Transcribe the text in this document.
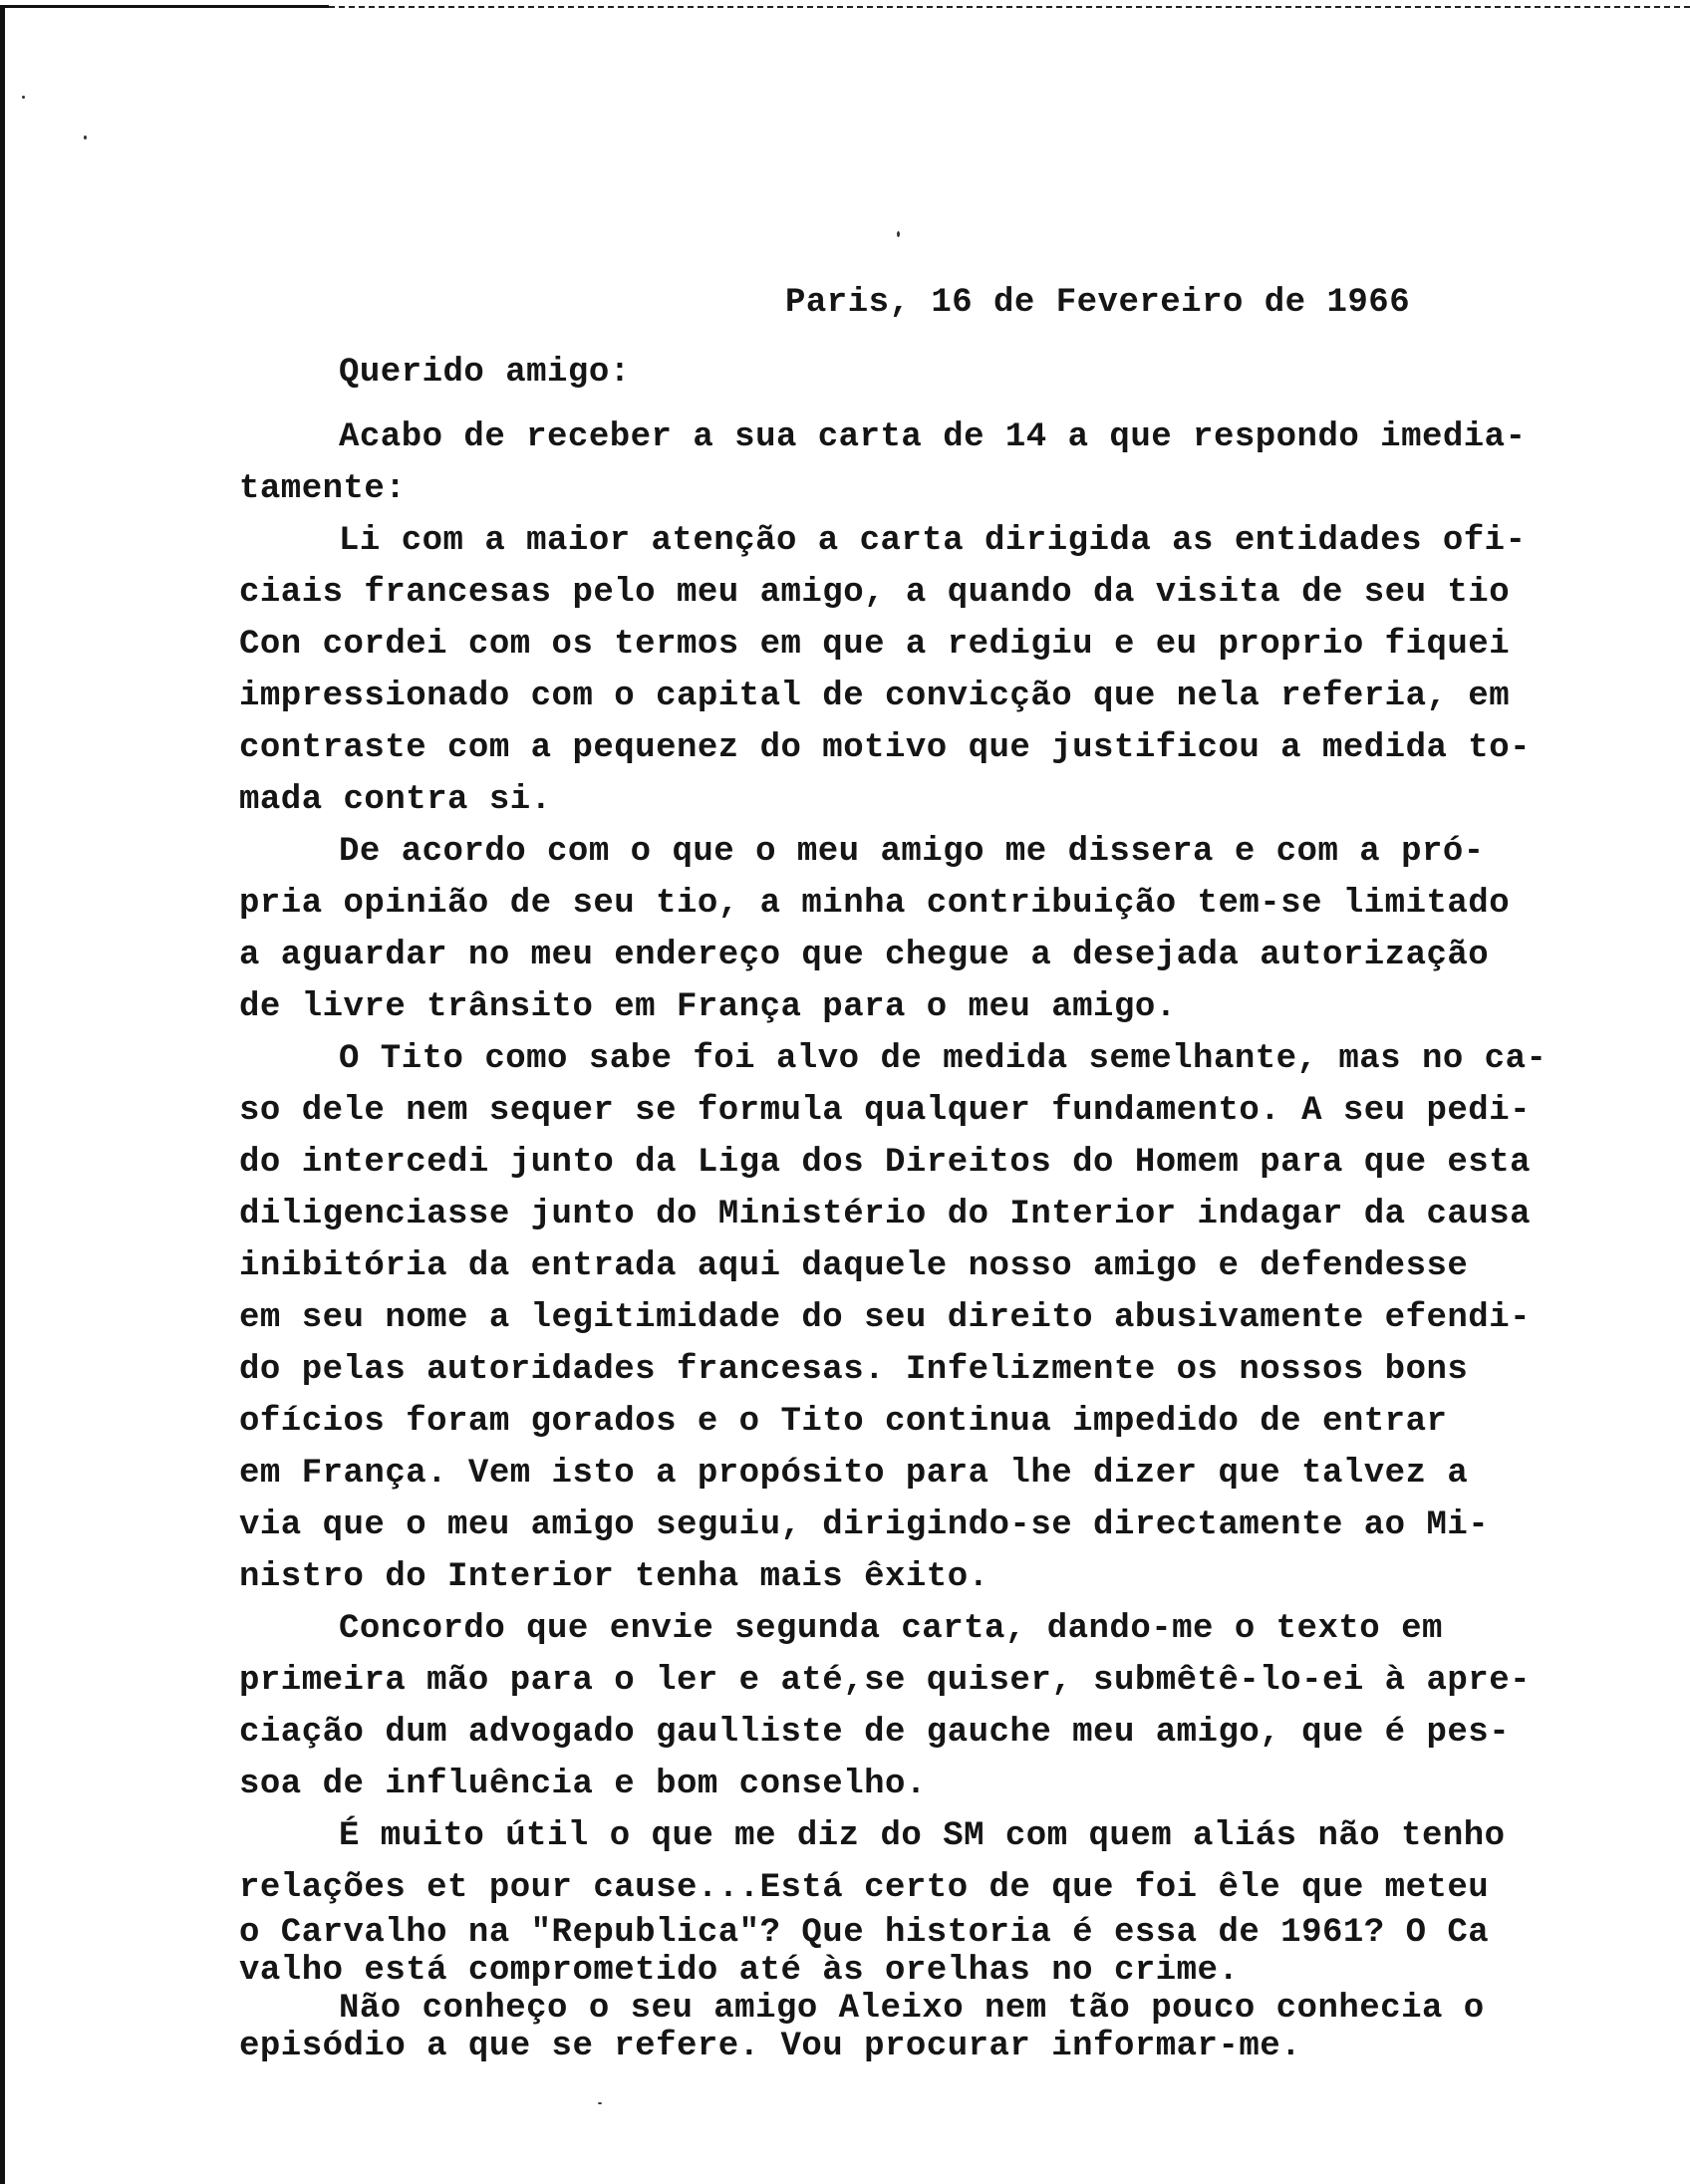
Paris, 16 de Fevereiro de 1966
Querido amigo:
Acabo de receber a sua carta de 14 a que respondo imedia-
tamente:
Li com a maior atenção a carta dirigida as entidades ofi-
ciais francesas pelo meu amigo, a quando da visita de seu tio
Con cordei com os termos em que a redigiu e eu proprio fiquei
impressionado com o capital de convicção que nela referia, em
contraste com a pequenez do motivo que justificou a medida to-
mada contra si.
De acordo com o que o meu amigo me dissera e com a pró-
pria opinião de seu tio, a minha contribuição tem-se limitado
a aguardar no meu endereço que chegue a desejada autorização
de livre trânsito em França para o meu amigo.
O Tito como sabe foi alvo de medida semelhante, mas no ca-
so dele nem sequer se formula qualquer fundamento. A seu pedi-
do intercedi junto da Liga dos Direitos do Homem para que esta
diligenciasse junto do Ministério do Interior indagar da causa
inibitória da entrada aqui daquele nosso amigo e defendesse
em seu nome a legitimidade do seu direito abusivamente efendi-
do pelas autoridades francesas. Infelizmente os nossos bons
ofícios foram gorados e o Tito continua impedido de entrar
em França. Vem isto a propósito para lhe dizer que talvez a
via que o meu amigo seguiu, dirigindo-se directamente ao Mi-
nistro do Interior tenha mais êxito.
Concordo que envie segunda carta, dando-me o texto em
primeira mão para o ler e até,se quiser, submêtê-lo-ei à apre-
ciação dum advogado gaulliste de gauche meu amigo, que é pes-
soa de influência e bom conselho.
É muito útil o que me diz do SM com quem aliás não tenho
relações et pour cause...Está certo de que foi êle que meteu
o Carvalho na "Republica"? Que historia é essa de 1961? O Ca
valho está comprometido até às orelhas no crime.
Não conheço o seu amigo Aleixo nem tão pouco conhecia o
episódio a que se refere. Vou procurar informar-me.
